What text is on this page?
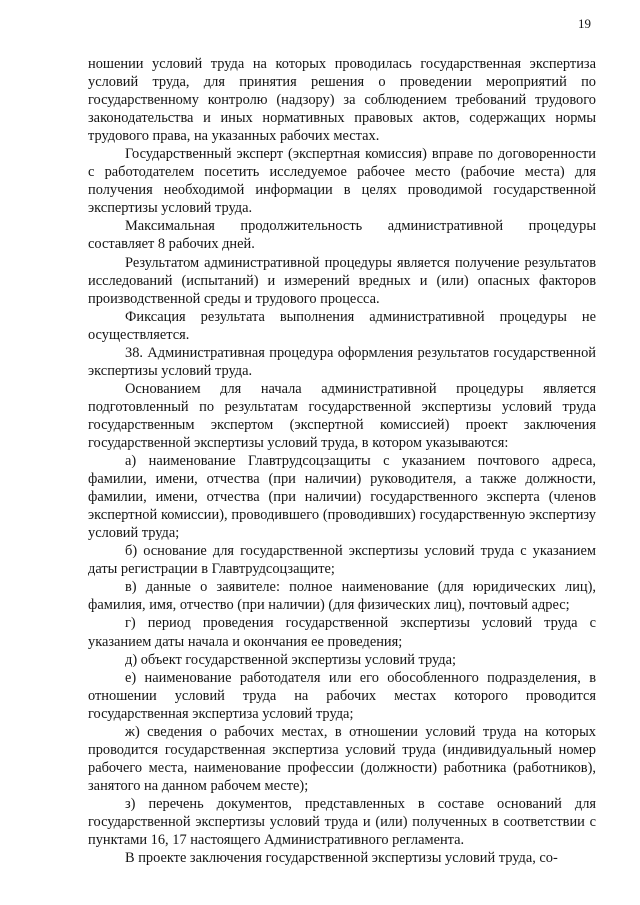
19

ношении условий труда на которых проводилась государственная экспертиза условий труда, для принятия решения о проведении мероприятий по государственному контролю (надзору) за соблюдением требований трудового законодательства и иных нормативных правовых актов, содержащих нормы трудового права, на указанных рабочих местах.

Государственный эксперт (экспертная комиссия) вправе по договоренности с работодателем посетить исследуемое рабочее место (рабочие места) для получения необходимой информации в целях проводимой государственной экспертизы условий труда.

Максимальная продолжительность административной процедуры составляет 8 рабочих дней.

Результатом административной процедуры является получение результатов исследований (испытаний) и измерений вредных и (или) опасных факторов производственной среды и трудового процесса.

Фиксация результата выполнения административной процедуры не осуществляется.

38. Административная процедура оформления результатов государственной экспертизы условий труда.

Основанием для начала административной процедуры является подготовленный по результатам государственной экспертизы условий труда государственным экспертом (экспертной комиссией) проект заключения государственной экспертизы условий труда, в котором указываются:

а) наименование Главтрудсоцзащиты с указанием почтового адреса, фамилии, имени, отчества (при наличии) руководителя, а также должности, фамилии, имени, отчества (при наличии) государственного эксперта (членов экспертной комиссии), проводившего (проводивших) государственную экспертизу условий труда;

б) основание для государственной экспертизы условий труда с указанием даты регистрации в Главтрудсоцзащите;

в) данные о заявителе: полное наименование (для юридических лиц), фамилия, имя, отчество (при наличии) (для физических лиц), почтовый адрес;

г) период проведения государственной экспертизы условий труда с указанием даты начала и окончания ее проведения;

д) объект государственной экспертизы условий труда;

е) наименование работодателя или его обособленного подразделения, в отношении условий труда на рабочих местах которого проводится государственная экспертиза условий труда;

ж) сведения о рабочих местах, в отношении условий труда на которых проводится государственная экспертиза условий труда (индивидуальный номер рабочего места, наименование профессии (должности) работника (работников), занятого на данном рабочем месте);

з) перечень документов, представленных в составе оснований для государственной экспертизы условий труда и (или) полученных в соответствии с пунктами 16, 17 настоящего Административного регламента.

В проекте заключения государственной экспертизы условий труда, со-
